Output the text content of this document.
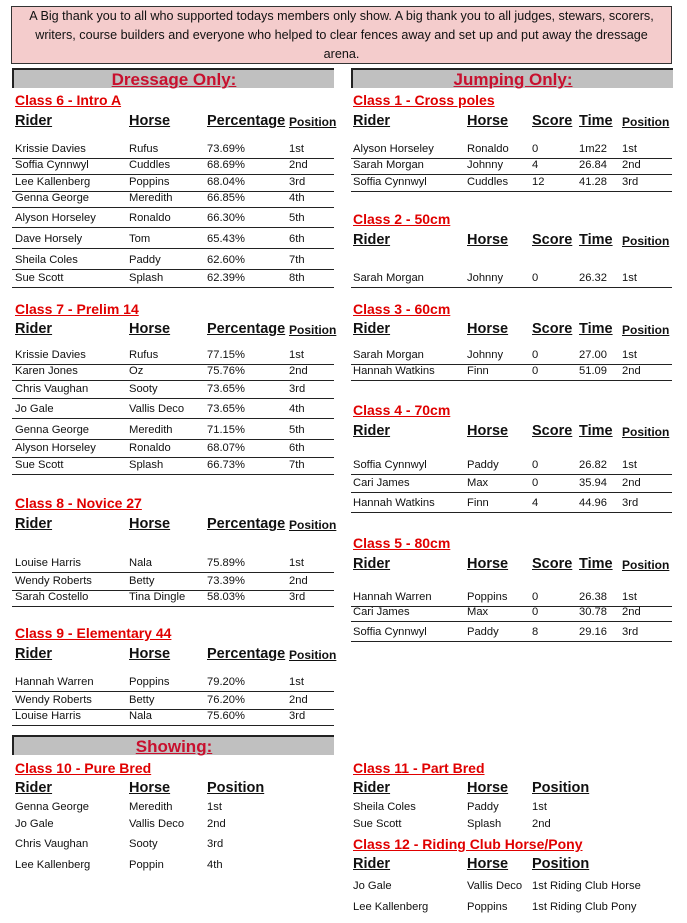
A Big thank you to all who supported todays members only show. A big thank you to all judges, stewars, scorers, writers, course builders and everyone who helped to clear fences away and set up and put away the dressage arena.
Dressage Only:	Jumping Only:
Showing:
Class 6 - Intro A
Rider	Horse	Percentage Position
Krissie Davies	Rufus	73.69%	1st
Soffia Cynnwyl	Cuddles	68.69%	2nd
Lee Kallenberg	Poppins	68.04%	3rd
Genna George	Meredith	66.85%	4th
Alyson Horseley	Ronaldo	66.30%	5th
Dave Horsely	Tom	65.43%	6th
Sheila Coles	Paddy	62.60%	7th
Sue Scott	Splash	62.39%	8th
Class 7 - Prelim 14
Rider	Horse	Percentage Position
Krissie Davies	Rufus	77.15%	1st
Karen Jones	Oz	75.76%	2nd
Chris Vaughan	Sooty	73.65%	3rd
Jo Gale	Vallis Deco 73.65%	4th
Genna George	Meredith	71.15%	5th
Alyson Horseley	Ronaldo	68.07%	6th
Sue Scott	Splash	66.73%	7th
Class 8 - Novice 27
Rider	Horse	Percentage Position
Louise Harris	Nala	75.89%	1st
Wendy Roberts	Betty	73.39%	2nd
Sarah Costello	Tina Dingle 58.03%	3rd
Class 9 - Elementary 44
Rider	Horse	Percentage Position
Hannah Warren	Poppins	79.20%	1st
Wendy Roberts	Betty	76.20%	2nd
Louise Harris	Nala	75.60%	3rd
Class 1 - Cross poles
Rider	Horse Score Time Position
Alyson Horseley	Ronaldo 0	1m22 1st
Sarah Morgan	Johnny	4	26.84 2nd
Soffia Cynnwyl	Cuddles 12	41.28 3rd
Class 2 - 50cm
Rider	Horse Score Time Position
Sarah Morgan	Johnny	0	26.32 1st
Class 3 - 60cm
Rider	Horse Score Time Position
Sarah Morgan	Johnny	0	27.00 1st
Hannah Watkins	Finn	0	51.09 2nd
Class 4 - 70cm
Rider	Horse Score Time Position
Soffia Cynnwyl	Paddy	0	26.82 1st
Cari James	Max	0	35.94 2nd
Hannah Watkins	Finn	4	44.96 3rd
Class 5 - 80cm
Rider	Horse Score Time Position
Hannah Warren	Poppins 0	26.38 1st
Cari James	Max	0	30.78 2nd
Soffia Cynnwyl	Paddy	8	29.16 3rd
Class 10 - Pure Bred
Rider	Horse	Position
Genna George	Meredith	1st
Jo Gale	Vallis Deco 2nd
Chris Vaughan	Sooty	3rd
Lee Kallenberg	Poppin	4th
Class 11 - Part Bred
Rider	Horse Position
Sheila Coles	Paddy	1st
Sue Scott	Splash	2nd
Class 12 - Riding Club Horse/Pony
Rider	Horse Position
Jo Gale	Vallis Deco 1st Riding Club Horse
Lee Kallenberg	Poppins 1st Riding Club Pony
